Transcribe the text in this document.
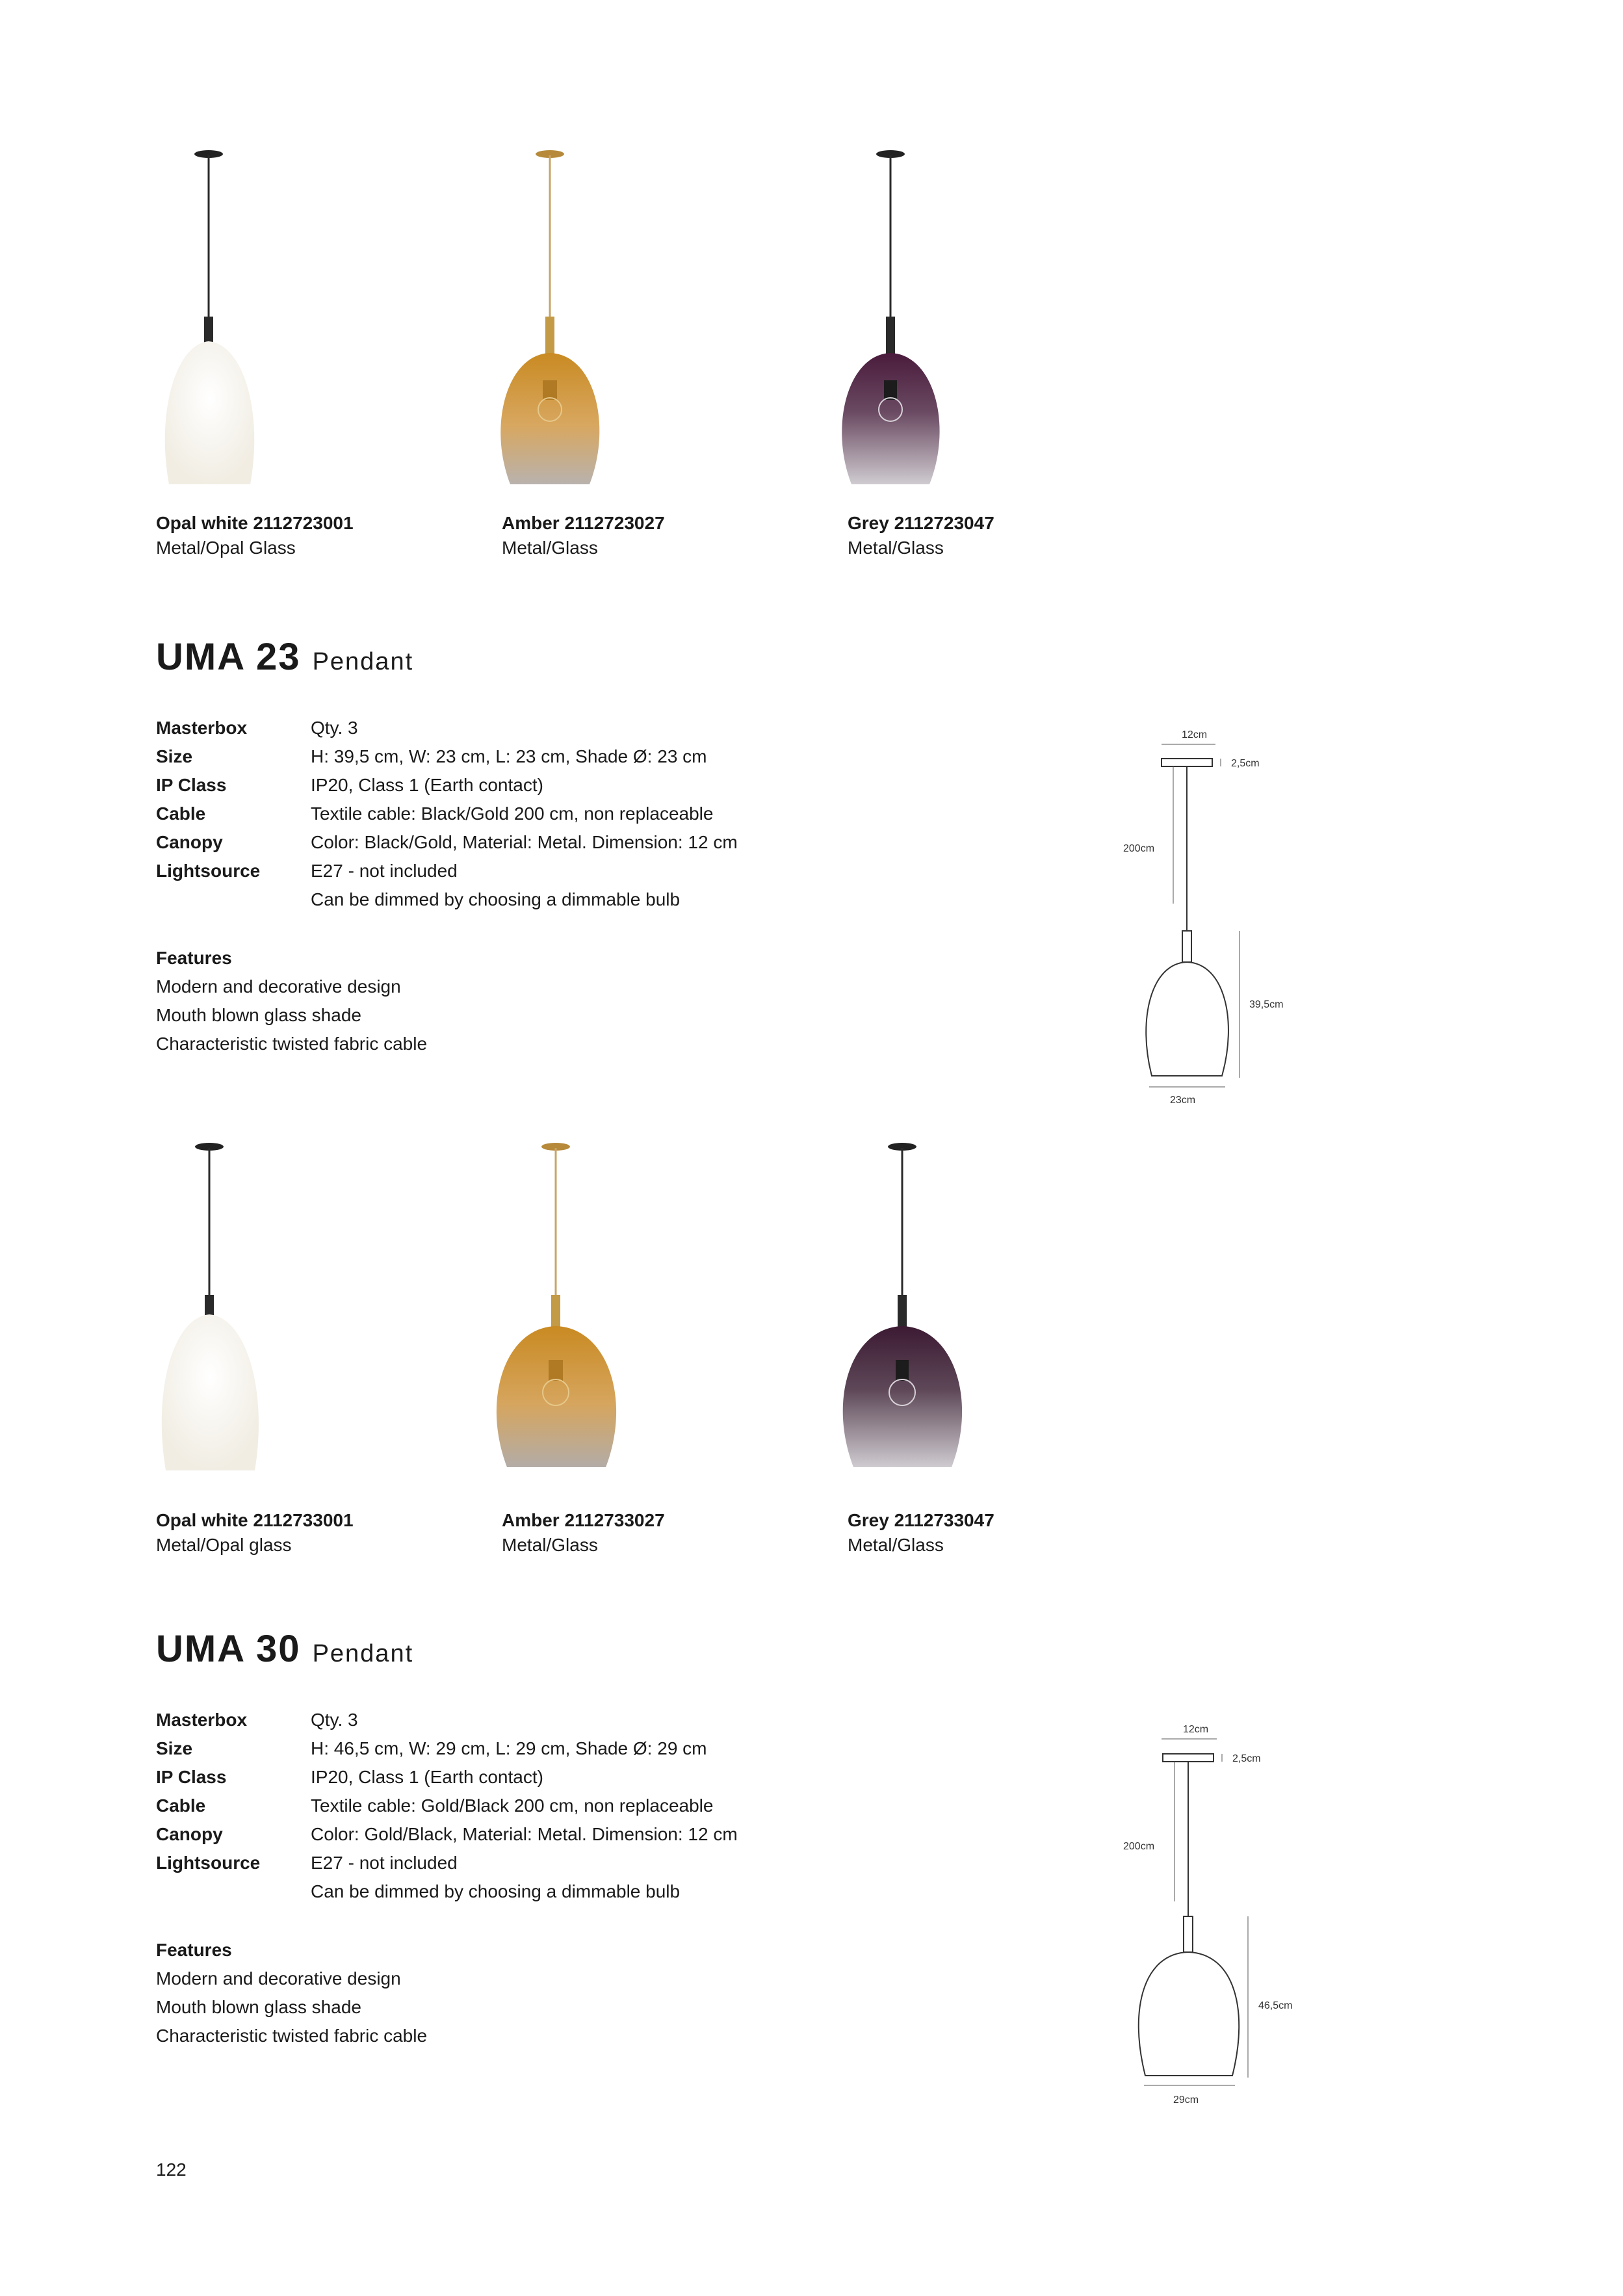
Opal white 2112723001
Metal/Opal Glass
Amber 2112723027
Metal/Glass
Grey 2112723047
Metal/Glass
UMA 23 Pendant
Masterbox	Qty. 3
Size	H: 39,5 cm, W: 23 cm, L: 23 cm, Shade Ø: 23 cm
IP Class	IP20, Class 1 (Earth contact)
Cable	Textile cable: Black/Gold 200 cm, non replaceable
Canopy	Color: Black/Gold, Material: Metal. Dimension: 12 cm
Lightsource	E27 - not included
Can be dimmed by choosing a dimmable bulb
Features
Modern and decorative design
Mouth blown glass shade
Characteristic twisted fabric cable
12cm
2,5cm
200cm
39,5cm
23cm
Opal white 2112733001
Metal/Opal glass
Amber 2112733027
Metal/Glass
Grey 2112733047
Metal/Glass
UMA 30 Pendant
Masterbox	Qty. 3
Size	H: 46,5 cm, W: 29 cm, L: 29 cm, Shade Ø: 29 cm
IP Class	IP20, Class 1 (Earth contact)
Cable	Textile cable: Gold/Black 200 cm, non replaceable
Canopy	Color: Gold/Black, Material: Metal. Dimension: 12 cm
Lightsource	E27 - not included
Can be dimmed by choosing a dimmable bulb
Features
Modern and decorative design
Mouth blown glass shade
Characteristic twisted fabric cable
12cm
2,5cm
200cm
46,5cm
29cm
122
